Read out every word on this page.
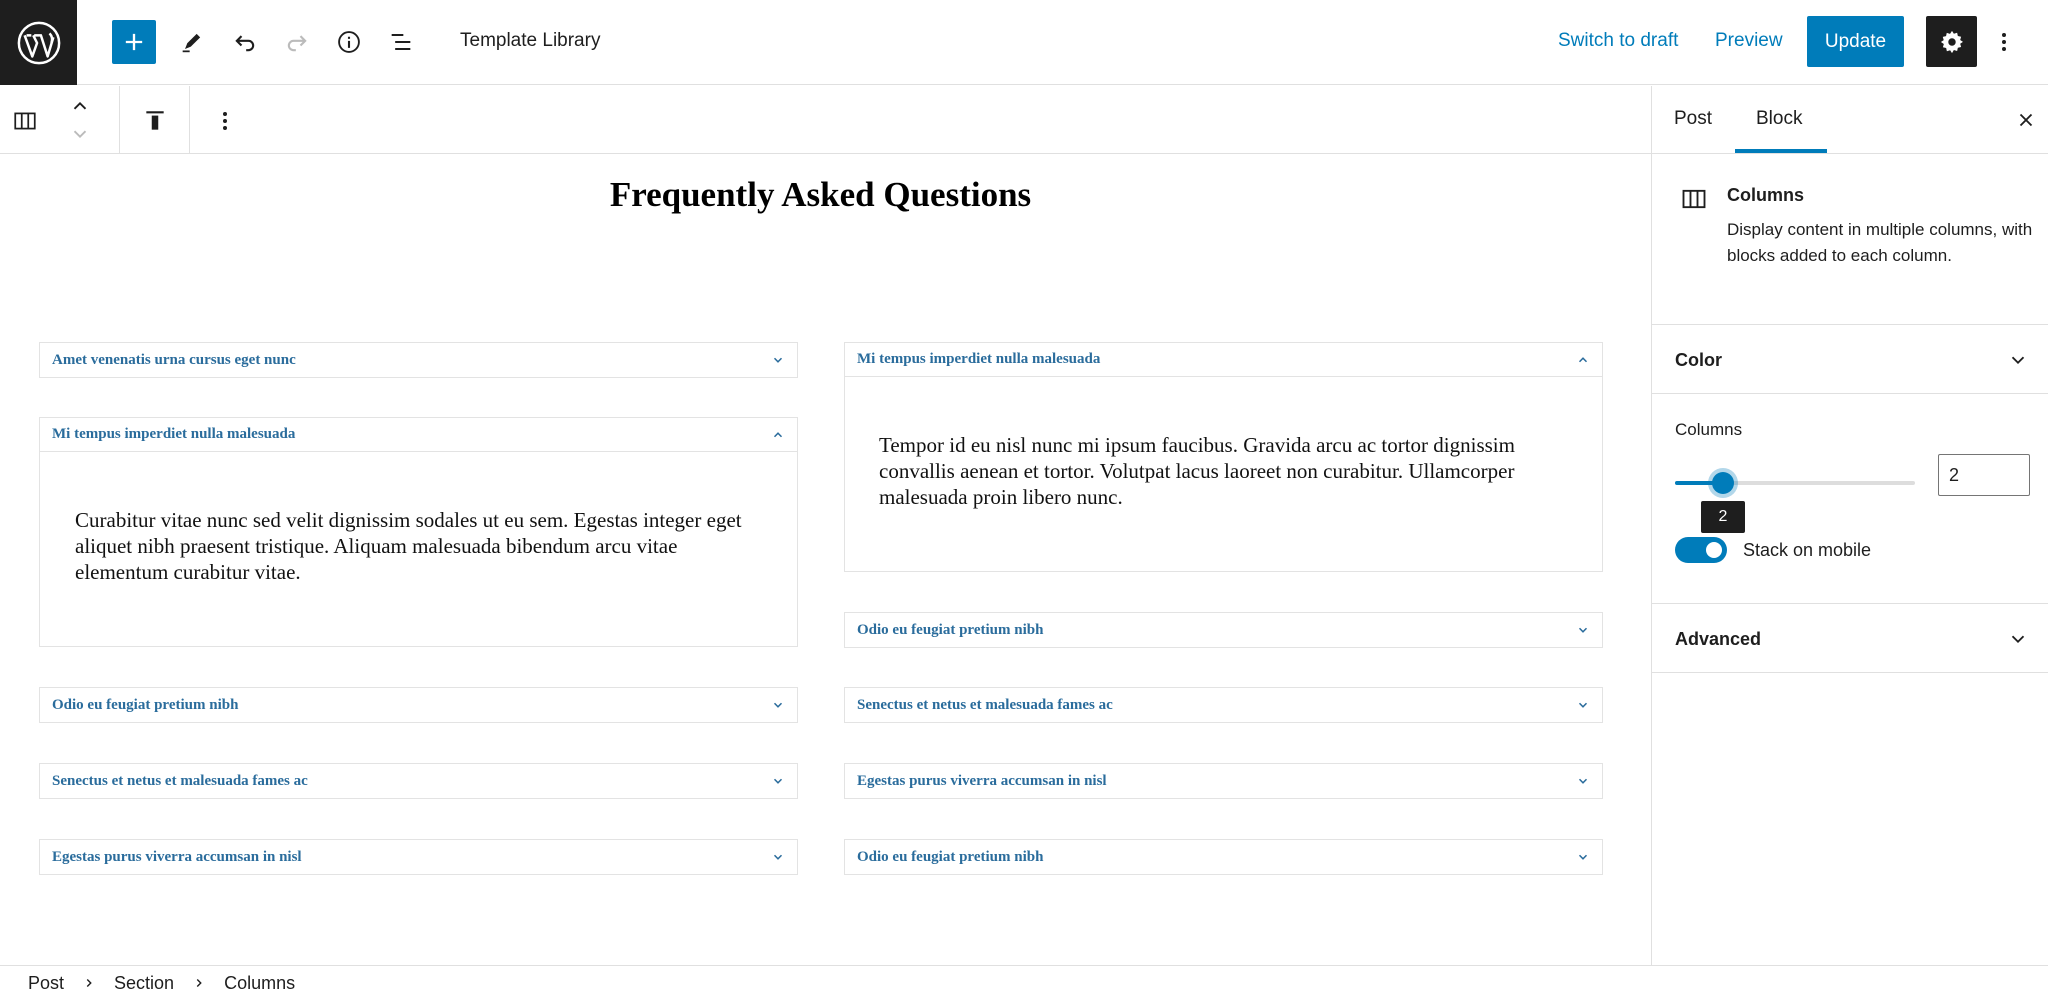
Template Library	Switch to draft Preview	Update
Frequently Asked Questions
Amet venenatis urna cursus eget nunc
Mi tempus imperdiet nulla malesuada
Curabitur vitae nunc sed velit dignissim sodales ut eu sem. Egestas integer eget aliquet nibh praesent tristique. Aliquam malesuada bibendum arcu vitae elementum curabitur vitae.
Odio eu feugiat pretium nibh
Senectus et netus et malesuada fames ac
Egestas purus viverra accumsan in nisl
Mi tempus imperdiet nulla malesuada
Tempor id eu nisl nunc mi ipsum faucibus. Gravida arcu ac tortor dignissim convallis aenean et tortor. Volutpat lacus laoreet non curabitur. Ullamcorper malesuada proin libero nunc.
Odio eu feugiat pretium nibh
Senectus et netus et malesuada fames ac
Egestas purus viverra accumsan in nisl
Odio eu feugiat pretium nibh
Post Block
Columns
Display content in multiple columns, with blocks added to each column.
Color
Columns
2
2
Stack on mobile
Advanced
Post	Section	Columns
